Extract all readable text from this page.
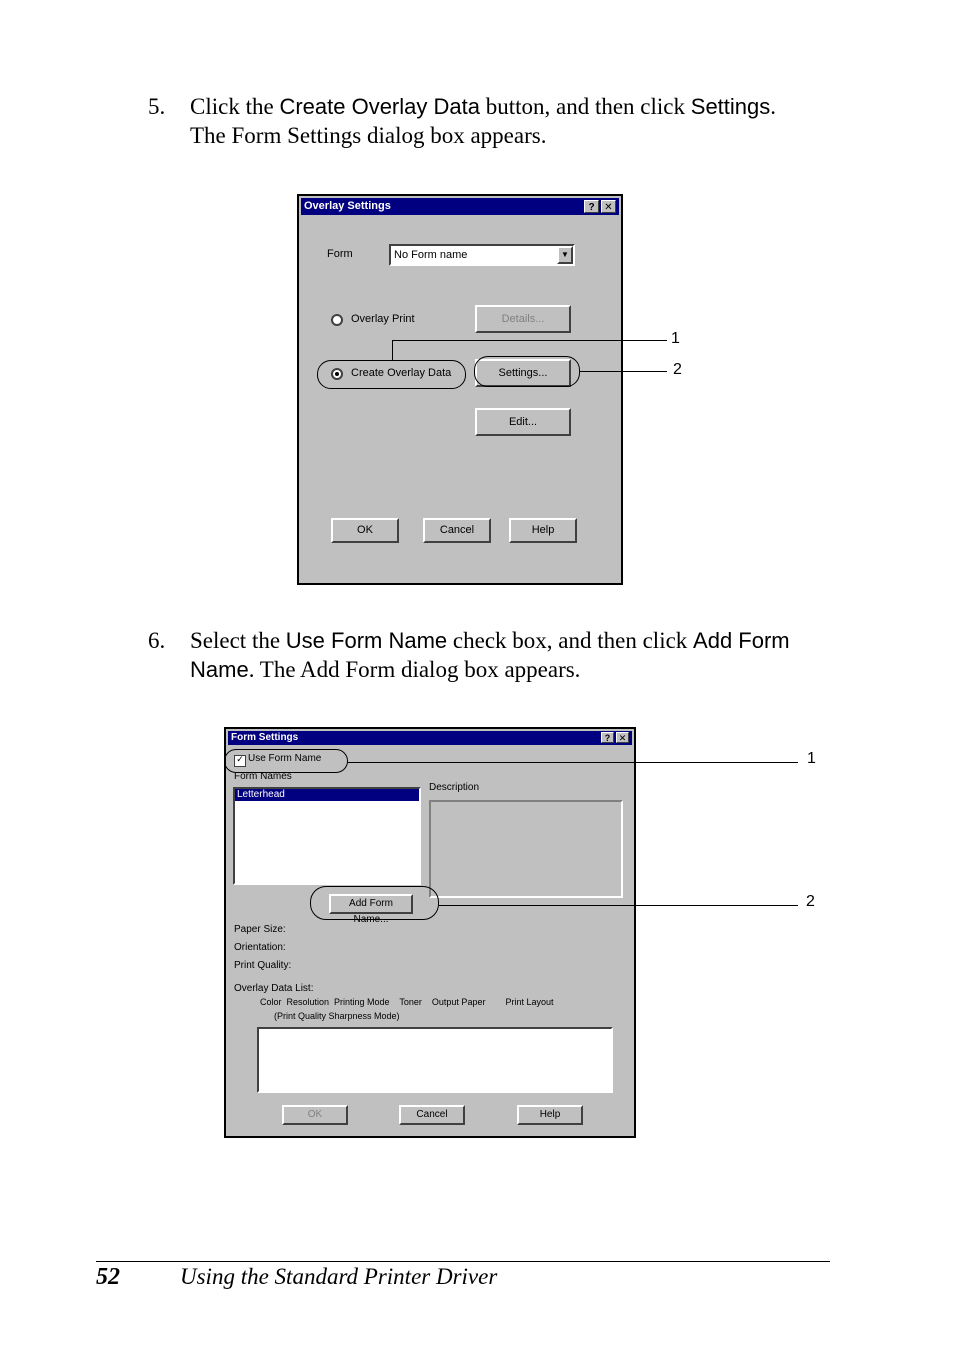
5. Click the Create Overlay Data button, and then click Settings.
The Form Settings dialog box appears.
Overlay Settings	? ✕
Form	No Form name	▼
Overlay Print	Details...
Create Overlay Data	Settings...
Edit...
OK	Cancel	Help
1
2
6. Select the Use Form Name check box, and then click Add Form
Name. The Add Form dialog box appears.
Form Settings	? ✕
✓ Use Form Name
Form Names
Letterhead
Description
Add Form Name...
Paper Size:
Orientation:
Print Quality:
Overlay Data List:
Color  Resolution  Printing Mode    Toner    Output Paper        Print Layout
(Print Quality Sharpness Mode)
OK	Cancel	Help
1
2
52	Using the Standard Printer Driver
